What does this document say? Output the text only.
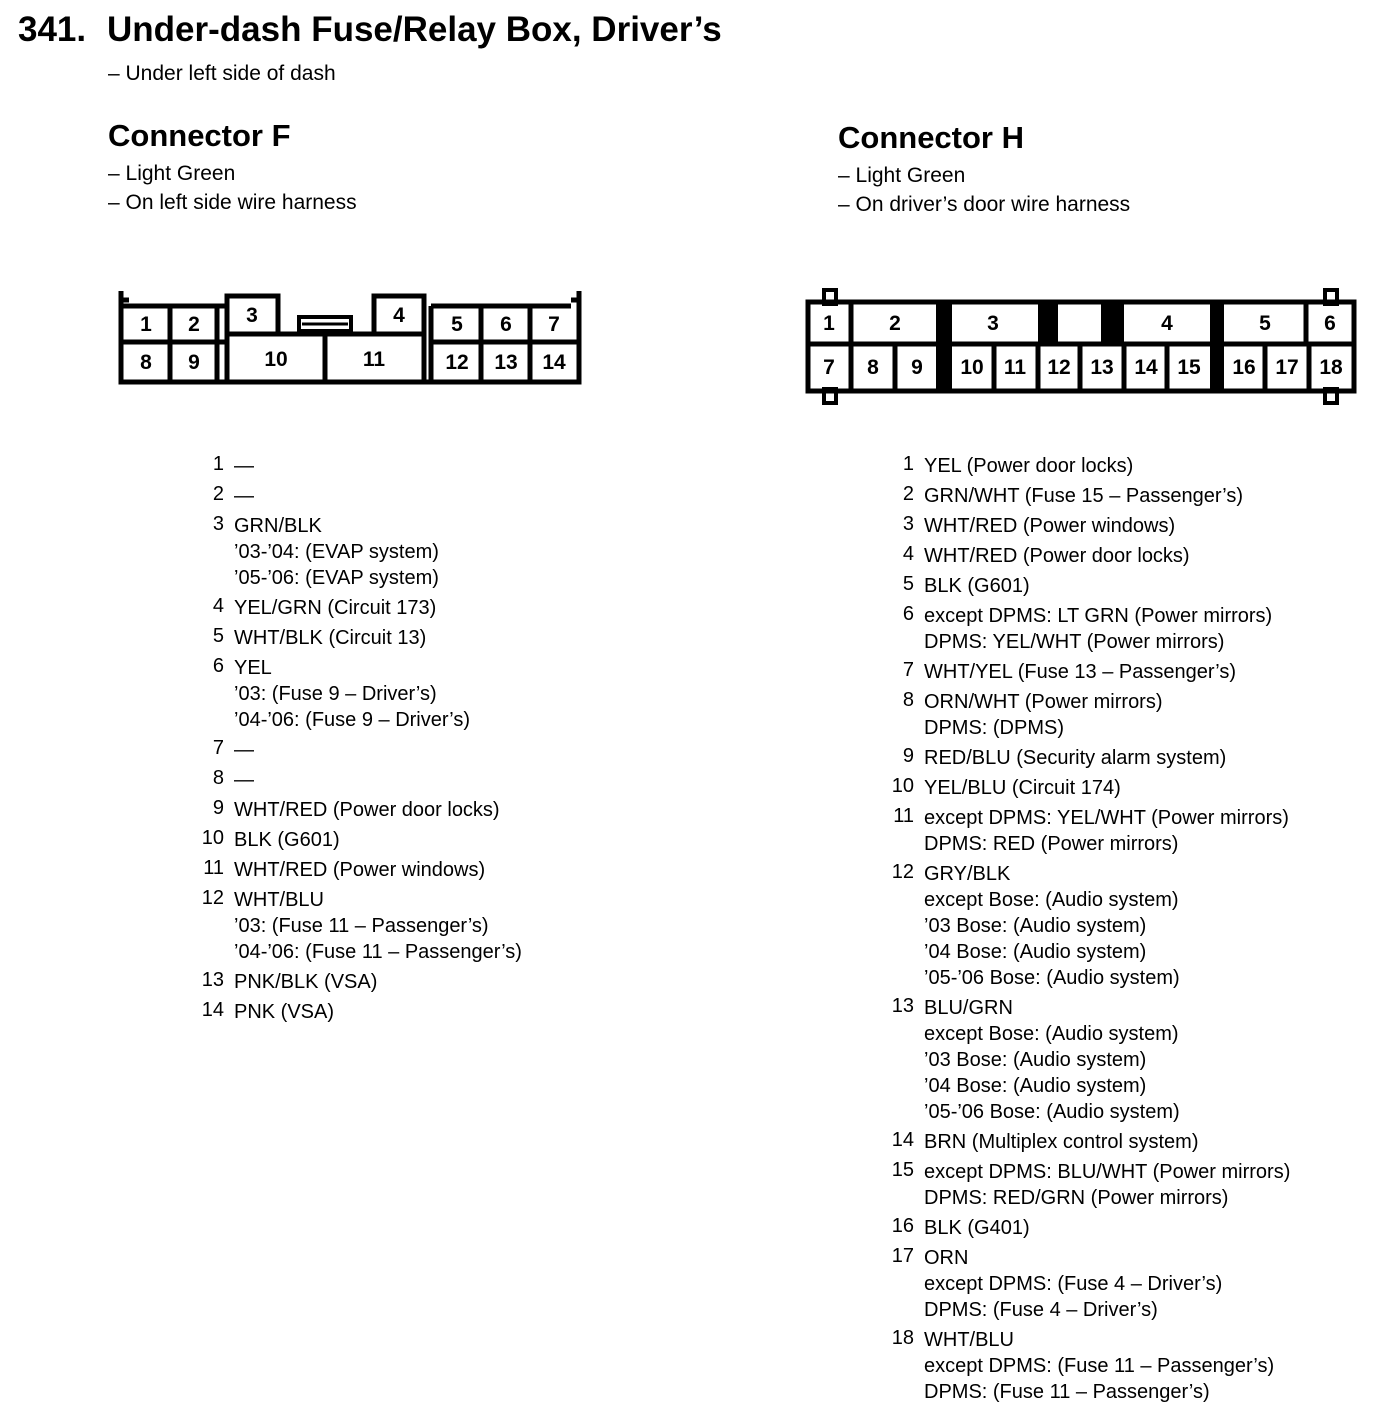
341. Under-dash Fuse/Relay Box, Driver’s
– Under left side of dash
Connector F
– Light Green
– On left side wire harness
Connector H
– Light Green
– On driver’s door wire harness
1 2 3	4 5 6 7
8 9	10	11	12 13 14
1	2	3	4	5	6
7 8 9 10 11 12 13 14 15 16 17 18
1 —
2 —
3 GRN/BLK
’03-’04: (EVAP system)
’05-’06: (EVAP system)
4 YEL/GRN (Circuit 173)
5 WHT/BLK (Circuit 13)
6 YEL
’03: (Fuse 9 – Driver’s)
’04-’06: (Fuse 9 – Driver’s)
7 —
8 —
9 WHT/RED (Power door locks)
10 BLK (G601)
11 WHT/RED (Power windows)
12 WHT/BLU
’03: (Fuse 11 – Passenger’s)
’04-’06: (Fuse 11 – Passenger’s)
13 PNK/BLK (VSA)
14 PNK (VSA)
1 YEL (Power door locks)
2 GRN/WHT (Fuse 15 – Passenger’s)
3 WHT/RED (Power windows)
4 WHT/RED (Power door locks)
5 BLK (G601)
6 except DPMS: LT GRN (Power mirrors)
DPMS: YEL/WHT (Power mirrors)
7 WHT/YEL (Fuse 13 – Passenger’s)
8 ORN/WHT (Power mirrors)
DPMS: (DPMS)
9 RED/BLU (Security alarm system)
10 YEL/BLU (Circuit 174)
11 except DPMS: YEL/WHT (Power mirrors)
DPMS: RED (Power mirrors)
12 GRY/BLK
except Bose: (Audio system)
’03 Bose: (Audio system)
’04 Bose: (Audio system)
’05-’06 Bose: (Audio system)
13 BLU/GRN
except Bose: (Audio system)
’03 Bose: (Audio system)
’04 Bose: (Audio system)
’05-’06 Bose: (Audio system)
14 BRN (Multiplex control system)
15 except DPMS: BLU/WHT (Power mirrors)
DPMS: RED/GRN (Power mirrors)
16 BLK (G401)
17 ORN
except DPMS: (Fuse 4 – Driver’s)
DPMS: (Fuse 4 – Driver’s)
18 WHT/BLU
except DPMS: (Fuse 11 – Passenger’s)
DPMS: (Fuse 11 – Passenger’s)
